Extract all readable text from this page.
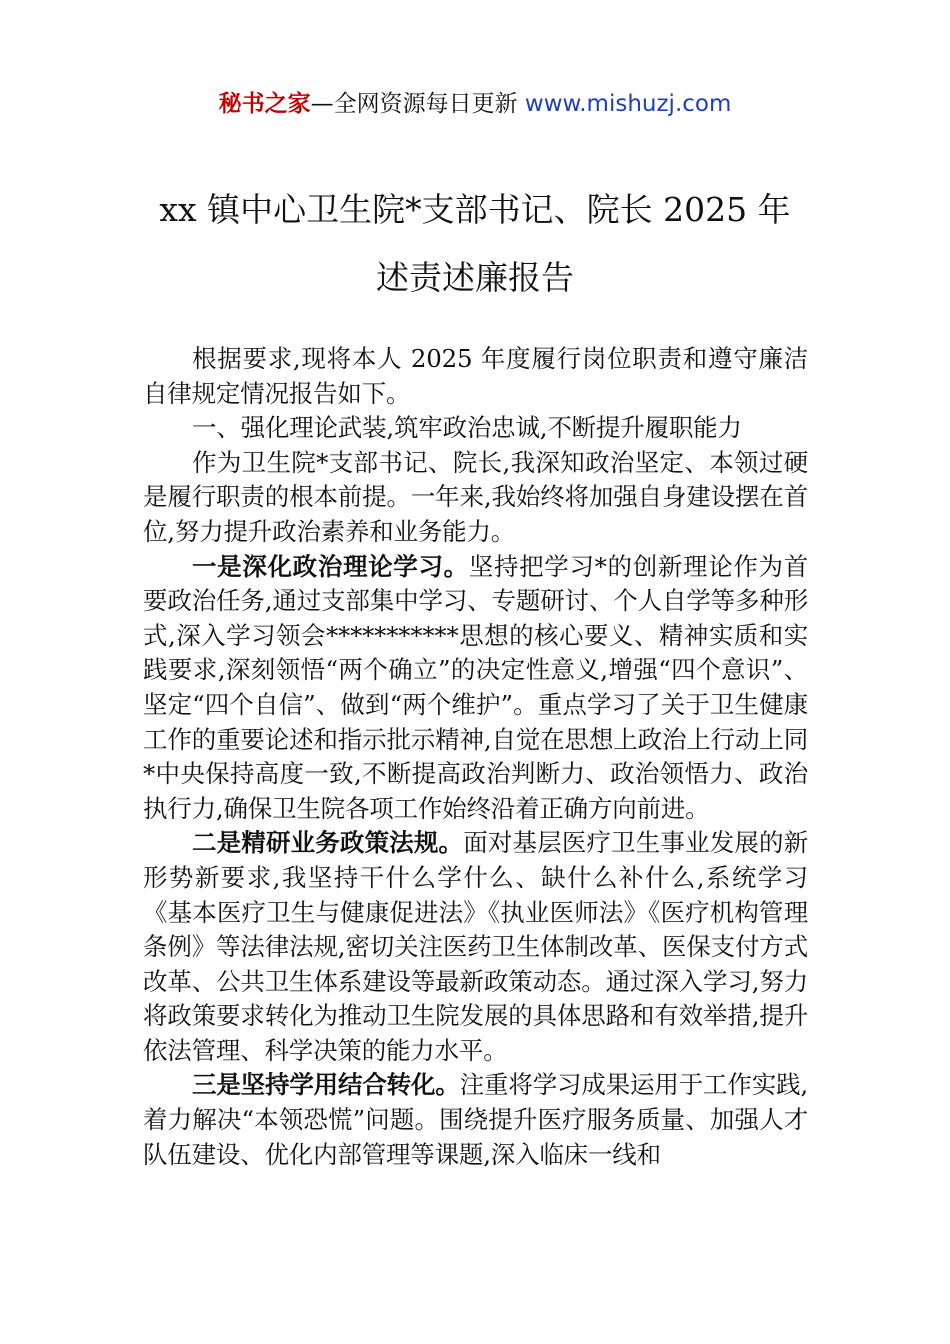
秘书之家—全网资源每日更新 www.mishuzj.com
xx 镇中心卫生院*支部书记、院长 2025 年
述责述廉报告

根据要求,现将本人 2025 年度履行岗位职责和遵守廉洁自律规定情况报告如下。

一、强化理论武装,筑牢政治忠诚,不断提升履职能力

作为卫生院*支部书记、院长,我深知政治坚定、本领过硬是履行职责的根本前提。一年来,我始终将加强自身建设摆在首位,努力提升政治素养和业务能力。

一是深化政治理论学习。坚持把学习*的创新理论作为首要政治任务,通过支部集中学习、专题研讨、个人自学等多种形式,深入学习领会***********思想的核心要义、精神实质和实践要求,深刻领悟“两个确立”的决定性意义,增强“四个意识”、坚定“四个自信”、做到“两个维护”。重点学习了关于卫生健康工作的重要论述和指示批示精神,自觉在思想上政治上行动上同*中央保持高度一致,不断提高政治判断力、政治领悟力、政治执行力,确保卫生院各项工作始终沿着正确方向前进。

二是精研业务政策法规。面对基层医疗卫生事业发展的新形势新要求,我坚持干什么学什么、缺什么补什么,系统学习《基本医疗卫生与健康促进法》《执业医师法》《医疗机构管理条例》等法律法规,密切关注医药卫生体制改革、医保支付方式改革、公共卫生体系建设等最新政策动态。通过深入学习,努力将政策要求转化为推动卫生院发展的具体思路和有效举措,提升依法管理、科学决策的能力水平。

三是坚持学用结合转化。注重将学习成果运用于工作实践,着力解决“本领恐慌”问题。围绕提升医疗服务质量、加强人才队伍建设、优化内部管理等课题,深入临床一线和
